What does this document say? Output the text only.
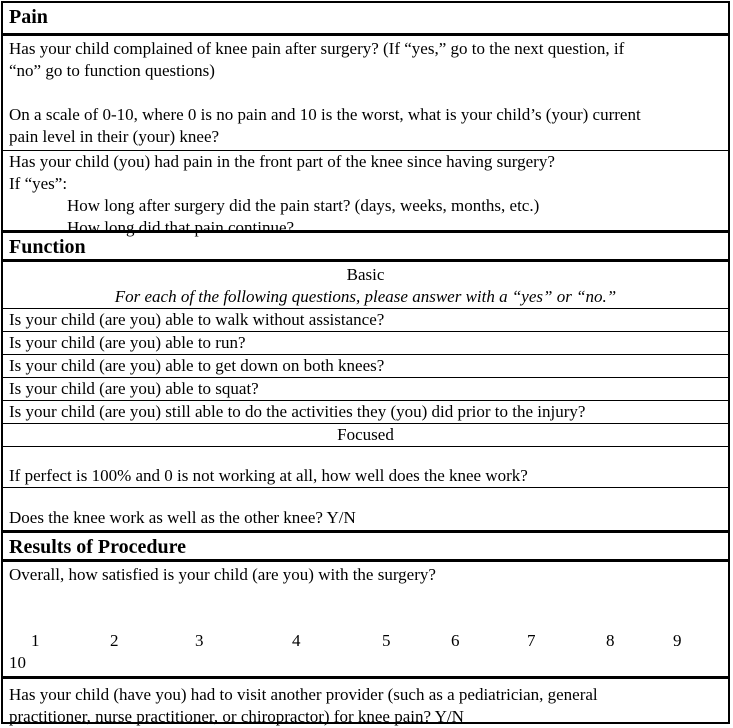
Pain

Has your child complained of knee pain after surgery? (If “yes,” go to the next question, if

“no” go to function questions)

On a scale of 0-10, where 0 is no pain and 10 is the worst, what is your child’s (your) current

pain level in their (your) knee?

Has your child (you) had pain in the front part of the knee since having surgery?

If “yes”:

How long after surgery did the pain start? (days, weeks, months, etc.)

How long did that pain continue?

Function

Basic

For each of the following questions, please answer with a “yes” or “no.”

Is your child (are you) able to walk without assistance?
Is your child (are you) able to run?
Is your child (are you) able to get down on both knees?
Is your child (are you) able to squat?
Is your child (are you) still able to do the activities they (you) did prior to the injury?
Focused
If perfect is 100% and 0 is not working at all, how well does the knee work?
Does the knee work as well as the other knee? Y/N
Results of Procedure

Overall, how satisfied is your child (are you) with the surgery?

1	2	3	4	5	6	7	8	9

10

Has your child (have you) had to visit another provider (such as a pediatrician, general

practitioner, nurse practitioner, or chiropractor) for knee pain? Y/N
